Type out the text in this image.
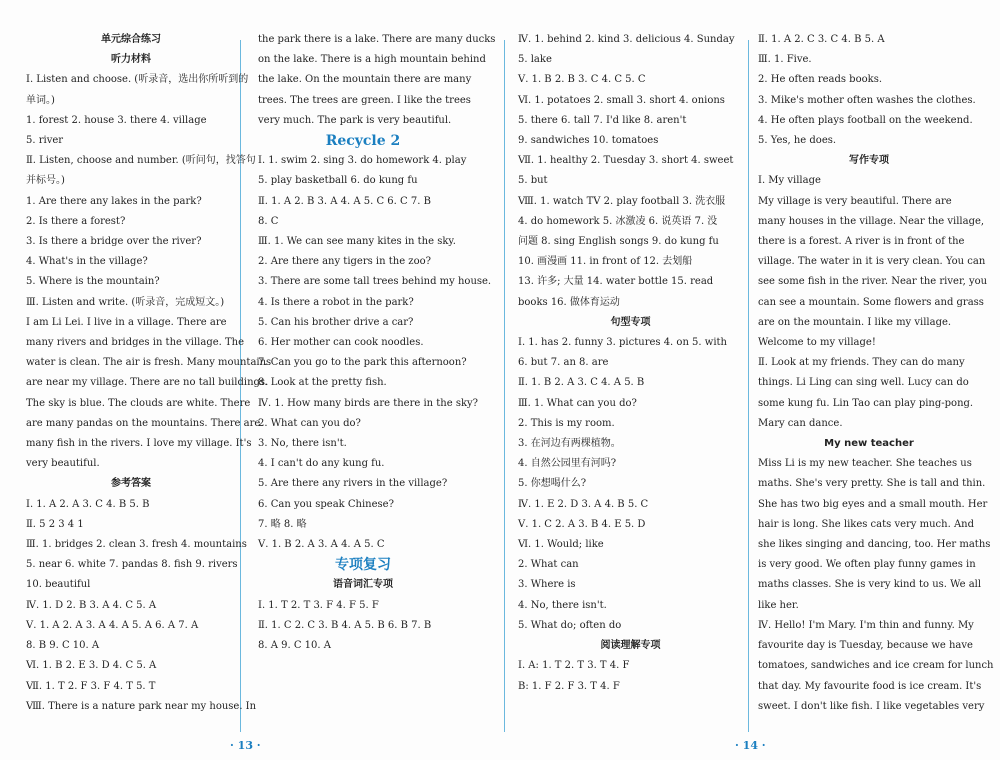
单元综合练习
听力材料
Ⅰ. Listen and choose. (听录音，选出你所听到的
单词。)
1. forest 2. house 3. there 4. village
5. river
Ⅱ. Listen, choose and number. (听问句，找答句
并标号。)
1. Are there any lakes in the park?
2. Is there a forest?
3. Is there a bridge over the river?
4. What's in the village?
5. Where is the mountain?
Ⅲ. Listen and write. (听录音，完成短文。)
I am Li Lei. I live in a village. There are
many rivers and bridges in the village. The
water is clean. The air is fresh. Many mountains
are near my village. There are no tall buildings.
The sky is blue. The clouds are white. There
are many pandas on the mountains. There are
many fish in the rivers. I love my village. It's
very beautiful.
参考答案
Ⅰ. 1. A 2. A 3. C 4. B 5. B
Ⅱ. 5 2 3 4 1
Ⅲ. 1. bridges 2. clean 3. fresh 4. mountains
5. near 6. white 7. pandas 8. fish 9. rivers
10. beautiful
Ⅳ. 1. D 2. B 3. A 4. C 5. A
Ⅴ. 1. A 2. A 3. A 4. A 5. A 6. A 7. A
8. B 9. C 10. A
Ⅵ. 1. B 2. E 3. D 4. C 5. A
Ⅶ. 1. T 2. F 3. F 4. T 5. T
Ⅷ. There is a nature park near my house. In
the park there is a lake. There are many ducks
on the lake. There is a high mountain behind
the lake. On the mountain there are many
trees. The trees are green. I like the trees
very much. The park is very beautiful.
Recycle 2
Ⅰ. 1. swim 2. sing 3. do homework 4. play
5. play basketball 6. do kung fu
Ⅱ. 1. A 2. B 3. A 4. A 5. C 6. C 7. B
8. C
Ⅲ. 1. We can see many kites in the sky.
2. Are there any tigers in the zoo?
3. There are some tall trees behind my house.
4. Is there a robot in the park?
5. Can his brother drive a car?
6. Her mother can cook noodles.
7. Can you go to the park this afternoon?
8. Look at the pretty fish.
Ⅳ. 1. How many birds are there in the sky?
2. What can you do?
3. No, there isn't.
4. I can't do any kung fu.
5. Are there any rivers in the village?
6. Can you speak Chinese?
7. 略 8. 略
Ⅴ. 1. B 2. A 3. A 4. A 5. C
专项复习
语音词汇专项
Ⅰ. 1. T 2. T 3. F 4. F 5. F
Ⅱ. 1. C 2. C 3. B 4. A 5. B 6. B 7. B
8. A 9. C 10. A
Ⅳ. 1. behind 2. kind 3. delicious 4. Sunday
5. lake
Ⅴ. 1. B 2. B 3. C 4. C 5. C
Ⅵ. 1. potatoes 2. small 3. short 4. onions
5. there 6. tall 7. I'd like 8. aren't
9. sandwiches 10. tomatoes
Ⅶ. 1. healthy 2. Tuesday 3. short 4. sweet
5. but
Ⅷ. 1. watch TV 2. play football 3. 洗衣服
4. do homework 5. 冰激凌 6. 说英语 7. 没
问题 8. sing English songs 9. do kung fu
10. 画漫画 11. in front of 12. 去划船
13. 许多; 大量 14. water bottle 15. read
books 16. 做体育运动
句型专项
Ⅰ. 1. has 2. funny 3. pictures 4. on 5. with
6. but 7. an 8. are
Ⅱ. 1. B 2. A 3. C 4. A 5. B
Ⅲ. 1. What can you do?
2. This is my room.
3. 在河边有两棵植物。
4. 自然公园里有河吗?
5. 你想喝什么?
Ⅳ. 1. E 2. D 3. A 4. B 5. C
Ⅴ. 1. C 2. A 3. B 4. E 5. D
Ⅵ. 1. Would; like
2. What can
3. Where is
4. No, there isn't.
5. What do; often do
阅读理解专项
Ⅰ. A: 1. T 2. T 3. T 4. F
B: 1. F 2. F 3. T 4. F
Ⅱ. 1. A 2. C 3. C 4. B 5. A
Ⅲ. 1. Five.
2. He often reads books.
3. Mike's mother often washes the clothes.
4. He often plays football on the weekend.
5. Yes, he does.
写作专项
Ⅰ. My village
My village is very beautiful. There are
many houses in the village. Near the village,
there is a forest. A river is in front of the
village. The water in it is very clean. You can
see some fish in the river. Near the river, you
can see a mountain. Some flowers and grass
are on the mountain. I like my village.
Welcome to my village!
Ⅱ. Look at my friends. They can do many
things. Li Ling can sing well. Lucy can do
some kung fu. Lin Tao can play ping-pong.
Mary can dance.
My new teacher
Miss Li is my new teacher. She teaches us
maths. She's very pretty. She is tall and thin.
She has two big eyes and a small mouth. Her
hair is long. She likes cats very much. And
she likes singing and dancing, too. Her maths
is very good. We often play funny games in
maths classes. She is very kind to us. We all
like her.
Ⅳ. Hello! I'm Mary. I'm thin and funny. My
favourite day is Tuesday, because we have
tomatoes, sandwiches and ice cream for lunch
that day. My favourite food is ice cream. It's
sweet. I don't like fish. I like vegetables very
· 13 ·	· 14 ·
